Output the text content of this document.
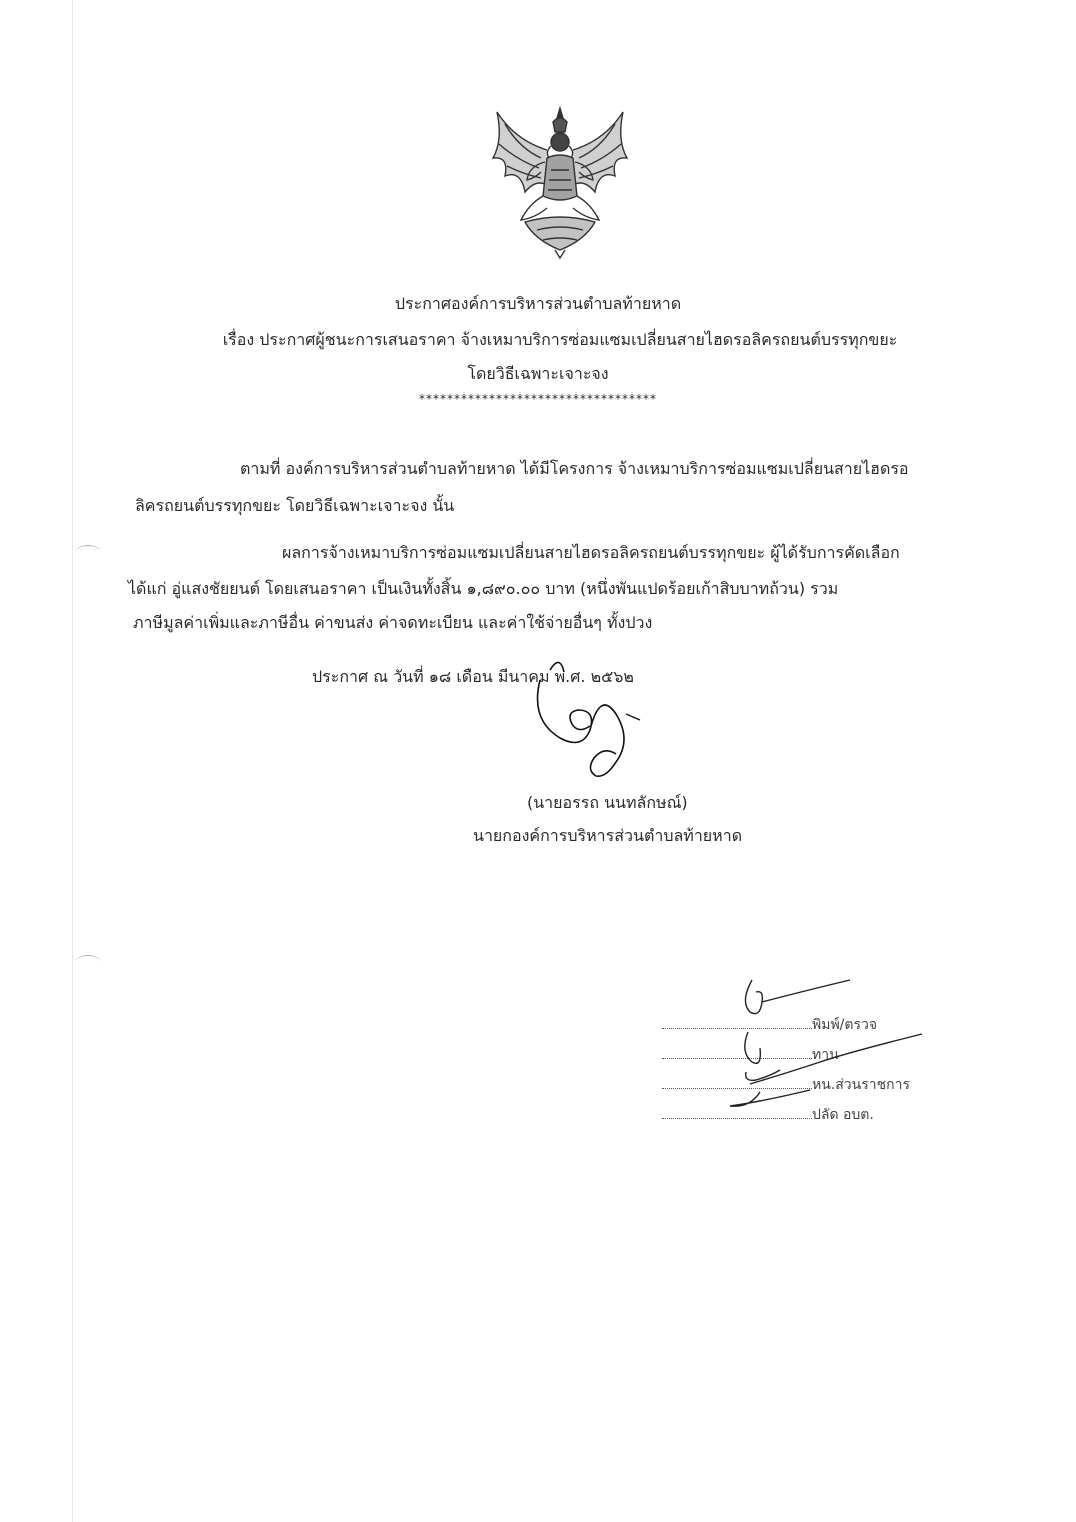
ประกาศองค์การบริหารส่วนตำบลท้ายหาด
เรื่อง ประกาศผู้ชนะการเสนอราคา จ้างเหมาบริการซ่อมแซมเปลี่ยนสายไฮดรอลิครถยนต์บรรทุกขยะ
โดยวิธีเฉพาะเจาะจง
**********************************
ตามที่ องค์การบริหารส่วนตำบลท้ายหาด ได้มีโครงการ จ้างเหมาบริการซ่อมแซมเปลี่ยนสายไฮดรอ
ลิครถยนต์บรรทุกขยะ โดยวิธีเฉพาะเจาะจง นั้น
ผลการจ้างเหมาบริการซ่อมแซมเปลี่ยนสายไฮดรอลิครถยนต์บรรทุกขยะ ผู้ได้รับการคัดเลือก
ได้แก่ อู่แสงชัยยนต์ โดยเสนอราคา เป็นเงินทั้งสิ้น ๑,๘๙๐.๐๐ บาท (หนึ่งพันแปดร้อยเก้าสิบบาทถ้วน) รวม
ภาษีมูลค่าเพิ่มและภาษีอื่น ค่าขนส่ง ค่าจดทะเบียน และค่าใช้จ่ายอื่นๆ ทั้งปวง
ประกาศ ณ วันที่ ๑๘ เดือน มีนาคม พ.ศ. ๒๕๖๒
(นายอรรถ นนทลักษณ์)
นายกองค์การบริหารส่วนตำบลท้ายหาด
พิมพ์/ตรวจ
ทาน
หน.ส่วนราชการ
ปลัด อบต.
